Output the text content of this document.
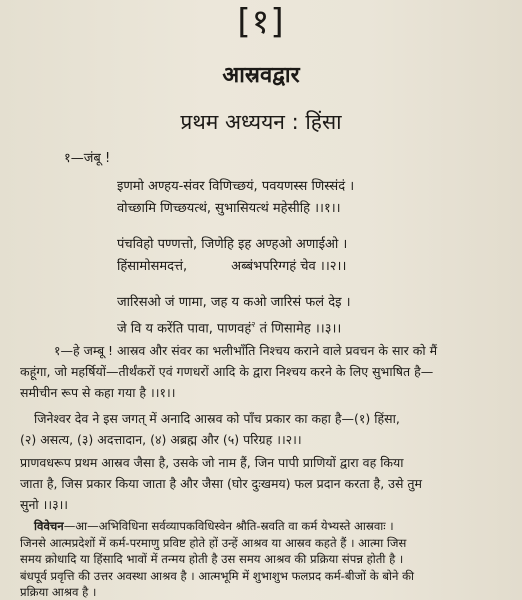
[१]
आस्रवद्वार
प्रथम अध्ययन : हिंसा
१—जंबू !
इणमो अण्हय-संवर विणिच्छयं, पवयणस्स णिस्संदं ।
वोच्छामि णिच्छयत्थं, सुभासियत्थं महेसीहि ।।१।।
पंचविहो पण्णत्तो, जिणेहि इह अण्हओ अणाईओ ।
हिंसामोसमदत्तं,	अब्बंभपरिग्गहं चेव ।।२।।
जारिसओ जं णामा, जह य कओ जारिसं फलं देइ ।
जे वि य करेंति पावा, पाणवहं$^२$ तं णिसामेह ।।३।।
१—हे जम्बू ! आस्रव और संवर का भलीभाँति निश्चय कराने वाले प्रवचन के सार को मैं
कहूंगा, जो महर्षियों—तीर्थंकरों एवं गणधरों आदि के द्वारा निश्चय करने के लिए सुभाषित है—
समीचीन रूप से कहा गया है ।।१।।
जिनेश्वर देव ने इस जगत् में अनादि आस्रव को पाँच प्रकार का कहा है—(१) हिंसा,
(२) असत्य, (३) अदत्तादान, (४) अब्रह्म और (५) परिग्रह ।।२।।
प्राणवधरूप प्रथम आस्रव जैसा है, उसके जो नाम हैं, जिन पापी प्राणियों द्वारा वह किया
जाता है, जिस प्रकार किया जाता है और जैसा (घोर दुःखमय) फल प्रदान करता है, उसे तुम
सुनो ।।३।।
विवेचन—आ—अभिविधिना सर्वव्यापकविधिस्वेन श्रौति-स्रवति वा कर्म येभ्यस्ते आस्रवाः ।
जिनसे आत्मप्रदेशों में कर्म-परमाणु प्रविष्ट होते हों उन्हें आश्रव या आस्रव कहते हैं । आत्मा जिस
समय क्रोधादि या हिंसादि भावों में तन्मय होती है उस समय आश्रव की प्रक्रिया संपन्न होती है ।
बंधपूर्व प्रवृत्ति की उत्तर अवस्था आश्रव है । आत्मभूमि में शुभाशुभ फलप्रद कर्म-बीजों के बोने की
प्रक्रिया आश्रव है ।
